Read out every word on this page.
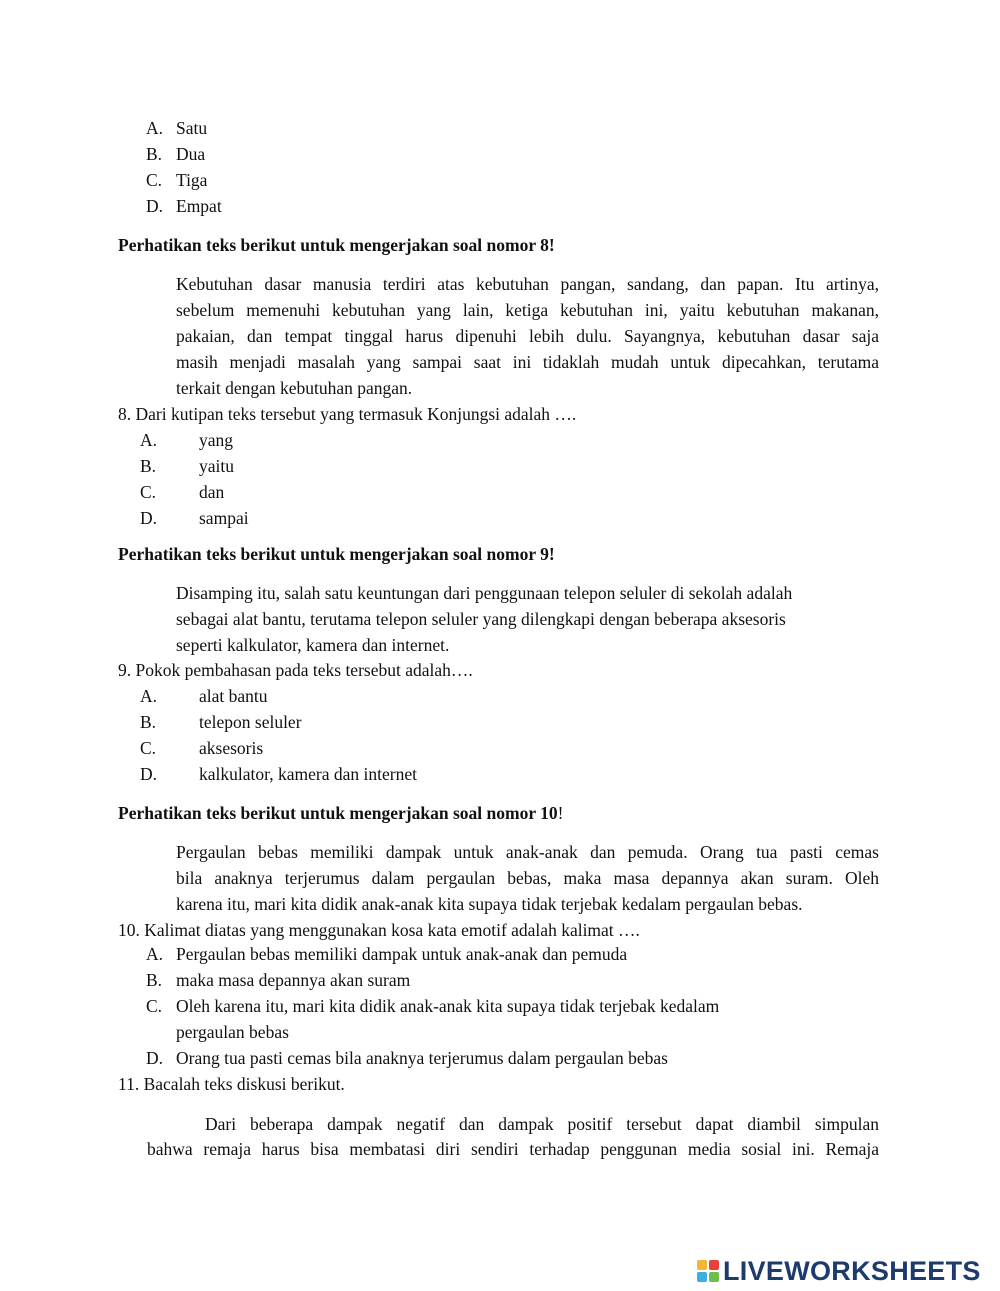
A. Satu
B. Dua
C. Tiga
D. Empat
Perhatikan teks berikut untuk mengerjakan soal nomor 8!
Kebutuhan dasar manusia terdiri atas kebutuhan pangan, sandang, dan papan. Itu artinya,
sebelum memenuhi kebutuhan yang lain, ketiga kebutuhan ini, yaitu kebutuhan makanan,
pakaian, dan tempat tinggal harus dipenuhi lebih dulu. Sayangnya, kebutuhan dasar saja
masih menjadi masalah yang sampai saat ini tidaklah mudah untuk dipecahkan, terutama
terkait dengan kebutuhan pangan.
8. Dari kutipan teks tersebut yang termasuk Konjungsi adalah ….
A. yang
B. yaitu
C. dan
D. sampai
Perhatikan teks berikut untuk mengerjakan soal nomor 9!
Disamping itu, salah satu keuntungan dari penggunaan telepon seluler di sekolah adalah
sebagai alat bantu, terutama telepon seluler yang dilengkapi dengan beberapa aksesoris
seperti kalkulator, kamera dan internet.
9. Pokok pembahasan pada teks tersebut adalah….
A. alat bantu
B. telepon seluler
C. aksesoris
D. kalkulator, kamera dan internet
Perhatikan teks berikut untuk mengerjakan soal nomor 10!
Pergaulan bebas memiliki dampak untuk anak-anak dan pemuda. Orang tua pasti cemas
bila anaknya terjerumus dalam pergaulan bebas, maka masa depannya akan suram. Oleh
karena itu, mari kita didik anak-anak kita supaya tidak terjebak kedalam pergaulan bebas.
10. Kalimat diatas yang menggunakan kosa kata emotif adalah kalimat ….
A. Pergaulan bebas memiliki dampak untuk anak-anak dan pemuda
B. maka masa depannya akan suram
C. Oleh karena itu, mari kita didik anak-anak kita supaya tidak terjebak kedalam
pergaulan bebas
D. Orang tua pasti cemas bila anaknya terjerumus dalam pergaulan bebas
11. Bacalah teks diskusi berikut.
Dari beberapa dampak negatif dan dampak positif tersebut dapat diambil simpulan
bahwa remaja harus bisa membatasi diri sendiri terhadap penggunan media sosial ini. Remaja
LIVEWORKSHEETS
